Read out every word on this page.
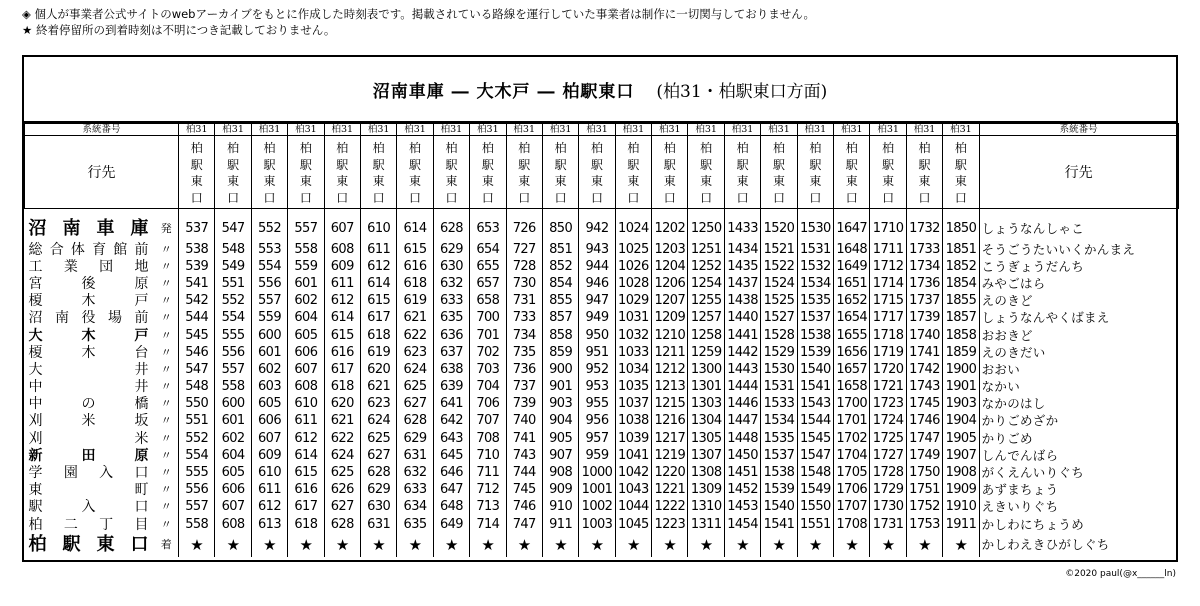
◈ 個人が事業者公式サイトのwebアーカイブをもとに作成した時刻表です。掲載されている路線を運行していた事業者は制作に一切関与しておりません。
★ 終着停留所の到着時刻は不明につき記載しておりません。
沼南車庫 ― 大木戸 ― 柏駅東口 (柏31・柏駅東口方面)
系統番号		柏31	柏31	柏31	柏31	柏31	柏31	柏31	柏31	柏31	柏31	柏31	柏31	柏31	柏31	柏31	柏31	柏31	柏31	柏31	柏31	柏31	柏31	系統番号
行先		柏
駅
東
口	柏
駅
東
口	柏
駅
東
口	柏
駅
東
口	柏
駅
東
口	柏
駅
東
口	柏
駅
東
口	柏
駅
東
口	柏
駅
東
口	柏
駅
東
口	柏
駅
東
口	柏
駅
東
口	柏
駅
東
口	柏
駅
東
口	柏
駅
東
口	柏
駅
東
口	柏
駅
東
口	柏
駅
東
口	柏
駅
東
口	柏
駅
東
口	柏
駅
東
口	柏
駅
東
口	行先

沼南車庫	発	537	547	552	557	607	610	614	628	653	726	850	942	1024	1202	1250	1433	1520	1530	1647	1710	1732	1850	しょうなんしゃこ
総合体育館前	〃	538	548	553	558	608	611	615	629	654	727	851	943	1025	1203	1251	1434	1521	1531	1648	1711	1733	1851	そうごうたいいくかんまえ
工業団地	〃	539	549	554	559	609	612	616	630	655	728	852	944	1026	1204	1252	1435	1522	1532	1649	1712	1734	1852	こうぎょうだんち
宮後原	〃	541	551	556	601	611	614	618	632	657	730	854	946	1028	1206	1254	1437	1524	1534	1651	1714	1736	1854	みやごはら
榎木戸	〃	542	552	557	602	612	615	619	633	658	731	855	947	1029	1207	1255	1438	1525	1535	1652	1715	1737	1855	えのきど
沼南役場前	〃	544	554	559	604	614	617	621	635	700	733	857	949	1031	1209	1257	1440	1527	1537	1654	1717	1739	1857	しょうなんやくばまえ
大木戸	〃	545	555	600	605	615	618	622	636	701	734	858	950	1032	1210	1258	1441	1528	1538	1655	1718	1740	1858	おおきど
榎木台	〃	546	556	601	606	616	619	623	637	702	735	859	951	1033	1211	1259	1442	1529	1539	1656	1719	1741	1859	えのきだい
大井	〃	547	557	602	607	617	620	624	638	703	736	900	952	1034	1212	1300	1443	1530	1540	1657	1720	1742	1900	おおい
中井	〃	548	558	603	608	618	621	625	639	704	737	901	953	1035	1213	1301	1444	1531	1541	1658	1721	1743	1901	なかい
中の橋	〃	550	600	605	610	620	623	627	641	706	739	903	955	1037	1215	1303	1446	1533	1543	1700	1723	1745	1903	なかのはし
刈米坂	〃	551	601	606	611	621	624	628	642	707	740	904	956	1038	1216	1304	1447	1534	1544	1701	1724	1746	1904	かりごめざか
刈米	〃	552	602	607	612	622	625	629	643	708	741	905	957	1039	1217	1305	1448	1535	1545	1702	1725	1747	1905	かりごめ
新田原	〃	554	604	609	614	624	627	631	645	710	743	907	959	1041	1219	1307	1450	1537	1547	1704	1727	1749	1907	しんでんばら
学園入口	〃	555	605	610	615	625	628	632	646	711	744	908	1000	1042	1220	1308	1451	1538	1548	1705	1728	1750	1908	がくえんいりぐち
東町	〃	556	606	611	616	626	629	633	647	712	745	909	1001	1043	1221	1309	1452	1539	1549	1706	1729	1751	1909	あずまちょう
駅入口	〃	557	607	612	617	627	630	634	648	713	746	910	1002	1044	1222	1310	1453	1540	1550	1707	1730	1752	1910	えきいりぐち
柏二丁目	〃	558	608	613	618	628	631	635	649	714	747	911	1003	1045	1223	1311	1454	1541	1551	1708	1731	1753	1911	かしわにちょうめ
柏駅東口	着	★	★	★	★	★	★	★	★	★	★	★	★	★	★	★	★	★	★	★	★	★	★	かしわえきひがしぐち
©2020 paul(@x______ln)
